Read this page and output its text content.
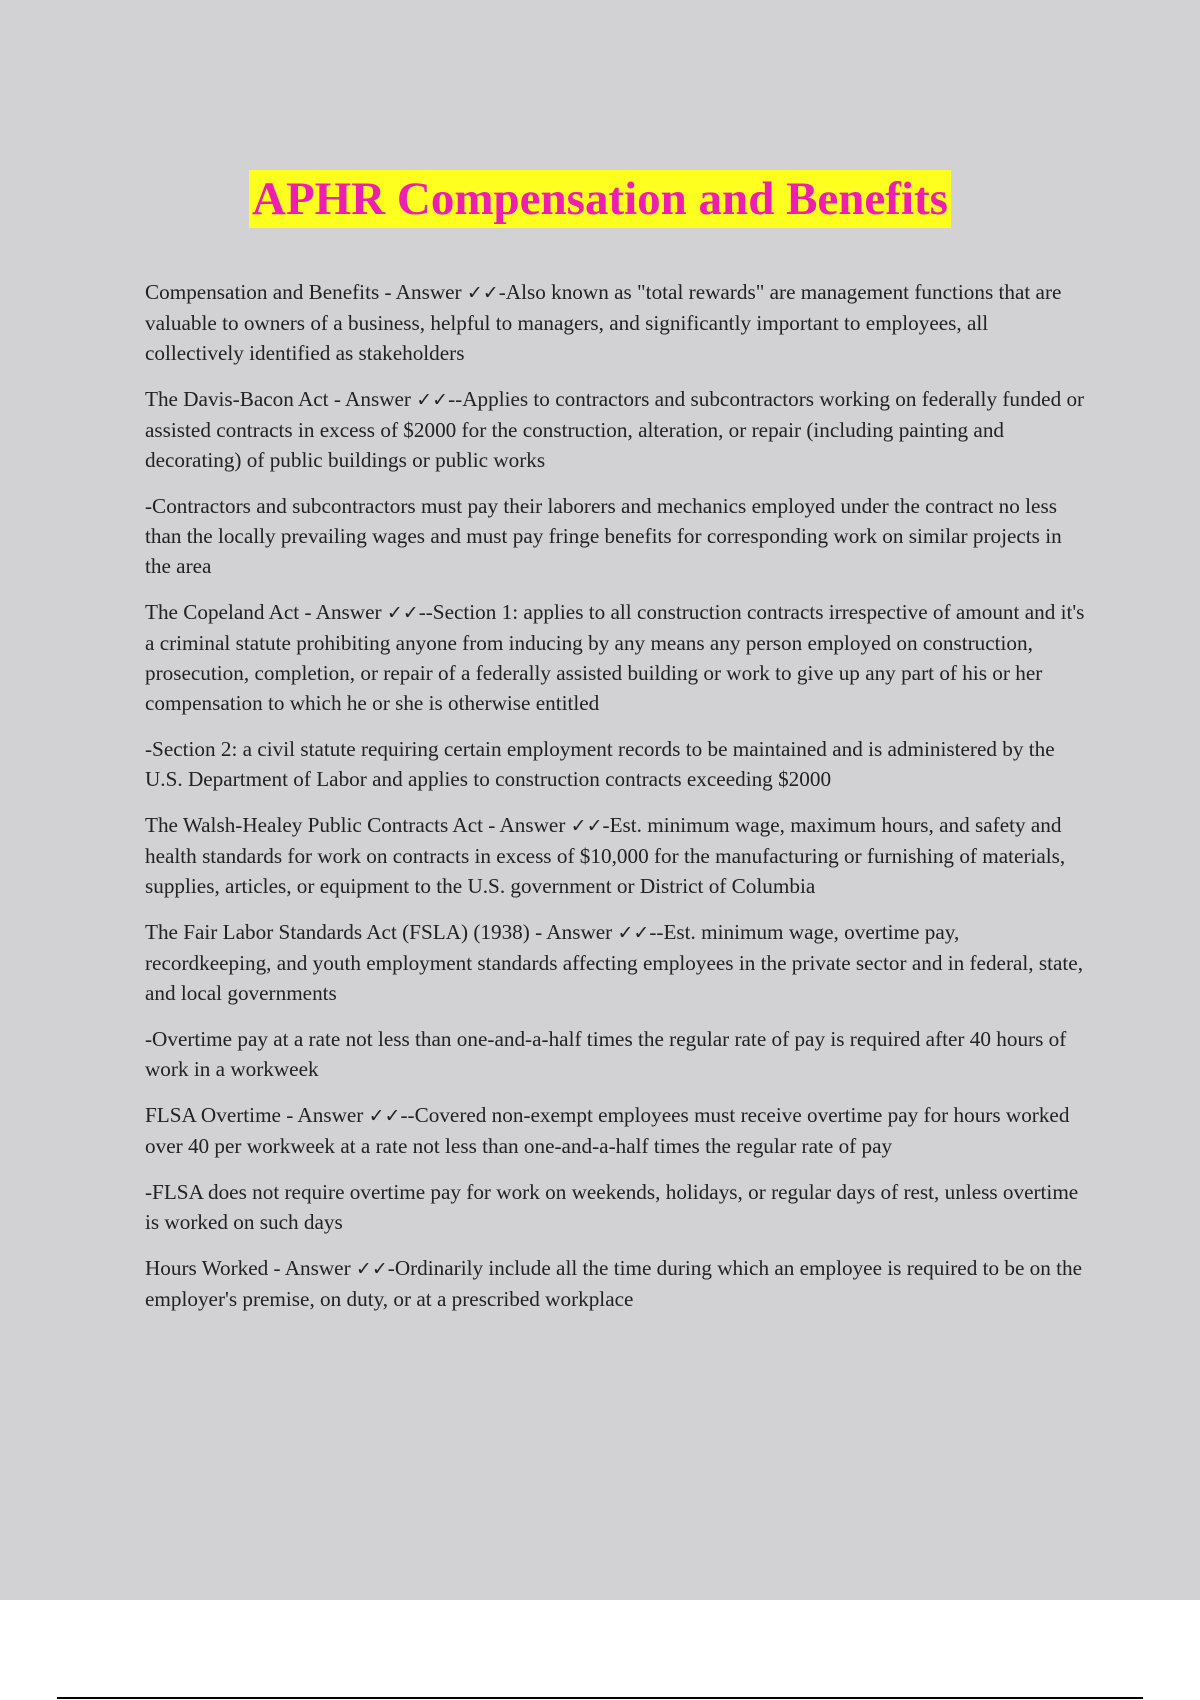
APHR Compensation and Benefits

Compensation and Benefits - Answer ✓✓-Also known as "total rewards" are management functions that are valuable to owners of a business, helpful to managers, and significantly important to employees, all collectively identified as stakeholders

The Davis-Bacon Act - Answer ✓✓--Applies to contractors and subcontractors working on federally funded or assisted contracts in excess of $2000 for the construction, alteration, or repair (including painting and decorating) of public buildings or public works

-Contractors and subcontractors must pay their laborers and mechanics employed under the contract no less than the locally prevailing wages and must pay fringe benefits for corresponding work on similar projects in the area

The Copeland Act - Answer ✓✓--Section 1: applies to all construction contracts irrespective of amount and it's a criminal statute prohibiting anyone from inducing by any means any person employed on construction, prosecution, completion, or repair of a federally assisted building or work to give up any part of his or her compensation to which he or she is otherwise entitled

-Section 2: a civil statute requiring certain employment records to be maintained and is administered by the U.S. Department of Labor and applies to construction contracts exceeding $2000

The Walsh-Healey Public Contracts Act - Answer ✓✓-Est. minimum wage, maximum hours, and safety and health standards for work on contracts in excess of $10,000 for the manufacturing or furnishing of materials, supplies, articles, or equipment to the U.S. government or District of Columbia

The Fair Labor Standards Act (FSLA) (1938) - Answer ✓✓--Est. minimum wage, overtime pay, recordkeeping, and youth employment standards affecting employees in the private sector and in federal, state, and local governments

-Overtime pay at a rate not less than one-and-a-half times the regular rate of pay is required after 40 hours of work in a workweek

FLSA Overtime - Answer ✓✓--Covered non-exempt employees must receive overtime pay for hours worked over 40 per workweek at a rate not less than one-and-a-half times the regular rate of pay

-FLSA does not require overtime pay for work on weekends, holidays, or regular days of rest, unless overtime is worked on such days

Hours Worked - Answer ✓✓-Ordinarily include all the time during which an employee is required to be on the employer's premise, on duty, or at a prescribed workplace
